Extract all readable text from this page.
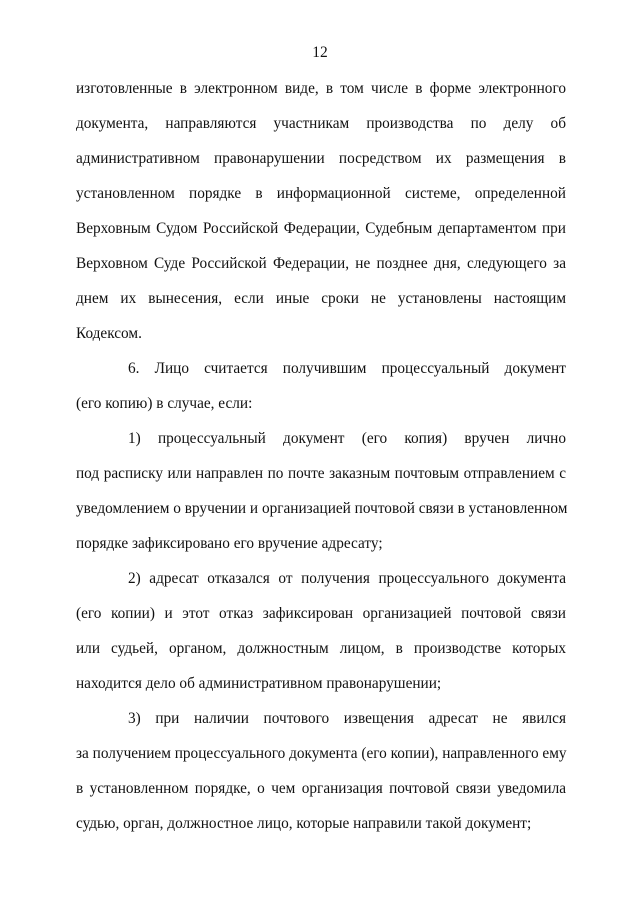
12
изготовленные в электронном виде, в том числе в форме электронного
документа, направляются участникам производства по делу об
административном правонарушении посредством их размещения в
установленном порядке в информационной системе, определенной
Верховным Судом Российской Федерации, Судебным департаментом при
Верховном Суде Российской Федерации, не позднее дня, следующего за
днем их вынесения, если иные сроки не установлены настоящим
Кодексом.
6. Лицо считается получившим процессуальный документ
(его копию) в случае, если:
1) процессуальный документ (его копия) вручен лично
под расписку или направлен по почте заказным почтовым отправлением с
уведомлением о вручении и организацией почтовой связи в установленном
порядке зафиксировано его вручение адресату;
2) адресат отказался от получения процессуального документа
(его копии) и этот отказ зафиксирован организацией почтовой связи
или судьей, органом, должностным лицом, в производстве которых
находится дело об административном правонарушении;
3) при наличии почтового извещения адресат не явился
за получением процессуального документа (его копии), направленного ему
в установленном порядке, о чем организация почтовой связи уведомила
судью, орган, должностное лицо, которые направили такой документ;
